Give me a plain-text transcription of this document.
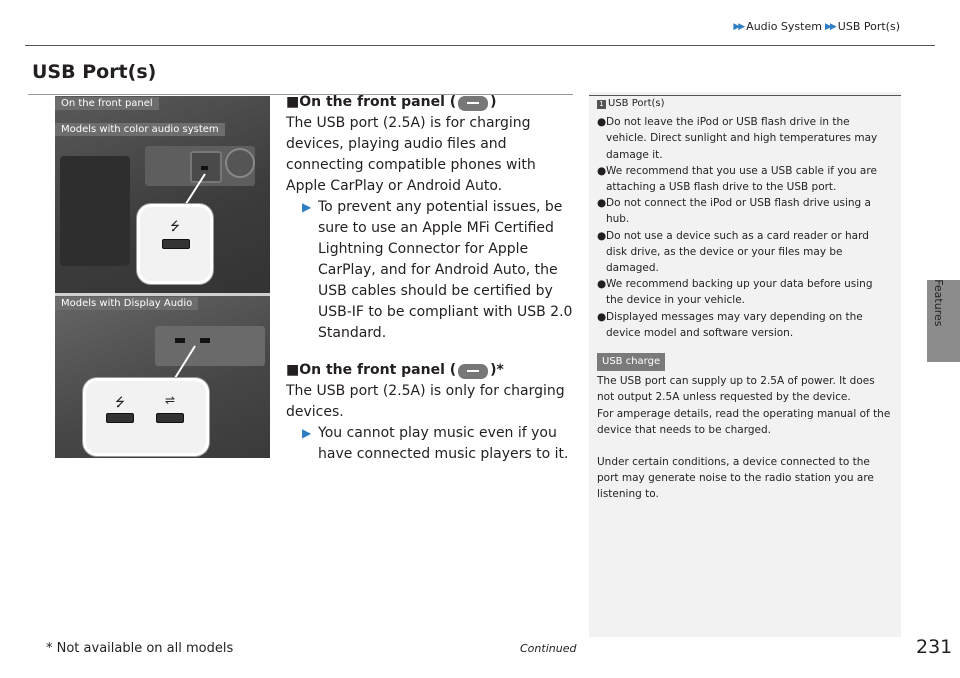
▶▶ Audio System ▶▶ USB Port(s)
Features
USB Port(s)
⭍
⭍	⇌
On the front panel
Models with color audio system
Models with Display Audio
■On the front panel ( )

The USB port (2.5A) is for charging devices, playing audio files and connecting compatible phones with Apple CarPlay or Android Auto.

▶ To prevent any potential issues, be sure to use an Apple MFi Certified Lightning Connector for Apple CarPlay, and for Android Auto, the USB cables should be certified by USB-IF to be compliant with USB 2.0 Standard.
■On the front panel ( )*

The USB port (2.5A) is only for charging devices.

▶ You cannot play music even if you have connected music players to it.
1 USB Port(s)
● Do not leave the iPod or USB flash drive in the vehicle. Direct sunlight and high temperatures may damage it.
● We recommend that you use a USB cable if you are attaching a USB flash drive to the USB port.
● Do not connect the iPod or USB flash drive using a hub.
● Do not use a device such as a card reader or hard disk drive, as the device or your files may be damaged.
● We recommend backing up your data before using the device in your vehicle.
● Displayed messages may vary depending on the device model and software version.
USB charge

The USB port can supply up to 2.5A of power. It does not output 2.5A unless requested by the device.

For amperage details, read the operating manual of the device that needs to be charged.

Under certain conditions, a device connected to the port may generate noise to the radio station you are listening to.

* Not available on all models	Continued	231
